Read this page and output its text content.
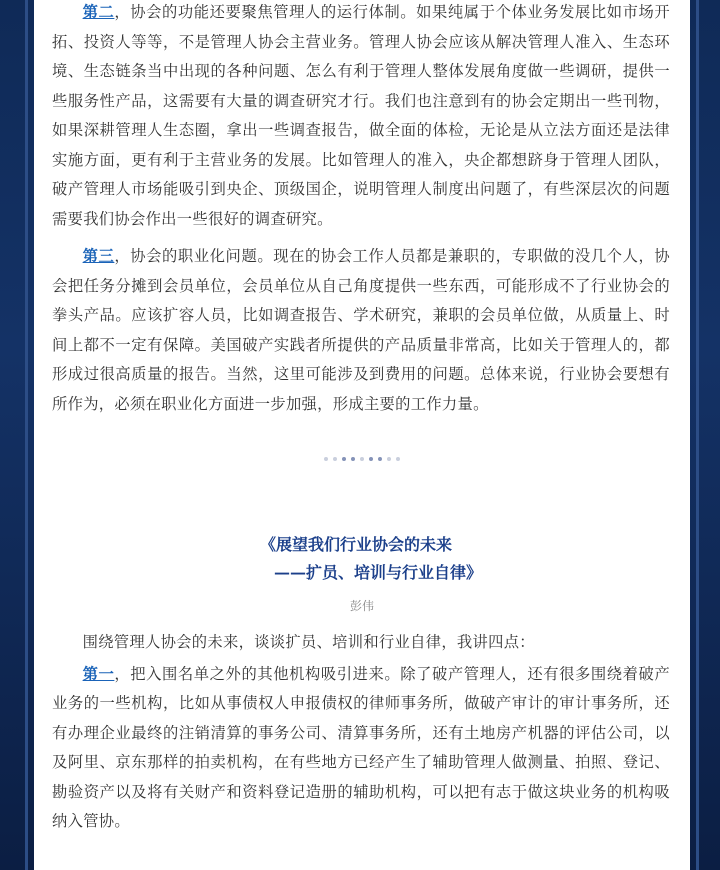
第二，协会的功能还要聚焦管理人的运行体制。如果纯属于个体业务发展比如市场开拓、投资人等等，不是管理人协会主营业务。管理人协会应该从解决管理人准入、生态环境、生态链条当中出现的各种问题、怎么有利于管理人整体发展角度做一些调研，提供一些服务性产品，这需要有大量的调查研究才行。我们也注意到有的协会定期出一些刊物，如果深耕管理人生态圈，拿出一些调查报告，做全面的体检，无论是从立法方面还是法律实施方面，更有利于主营业务的发展。比如管理人的准入，央企都想跻身于管理人团队，破产管理人市场能吸引到央企、顶级国企，说明管理人制度出问题了，有些深层次的问题需要我们协会作出一些很好的调查研究。

第三，协会的职业化问题。现在的协会工作人员都是兼职的，专职做的没几个人，协会把任务分摊到会员单位，会员单位从自己角度提供一些东西，可能形成不了行业协会的拳头产品。应该扩容人员，比如调查报告、学术研究，兼职的会员单位做，从质量上、时间上都不一定有保障。美国破产实践者所提供的产品质量非常高，比如关于管理人的，都形成过很高质量的报告。当然，这里可能涉及到费用的问题。总体来说，行业协会要想有所作为，必须在职业化方面进一步加强，形成主要的工作力量。

《展望我们行业协会的未来
——扩员、培训与行业自律》
彭伟

围绕管理人协会的未来，谈谈扩员、培训和行业自律，我讲四点：

第一，把入围名单之外的其他机构吸引进来。除了破产管理人，还有很多围绕着破产业务的一些机构，比如从事债权人申报债权的律师事务所，做破产审计的审计事务所，还有办理企业最终的注销清算的事务公司、清算事务所，还有土地房产机器的评估公司，以及阿里、京东那样的拍卖机构，在有些地方已经产生了辅助管理人做测量、拍照、登记、勘验资产以及将有关财产和资料登记造册的辅助机构，可以把有志于做这块业务的机构吸纳入管协。
